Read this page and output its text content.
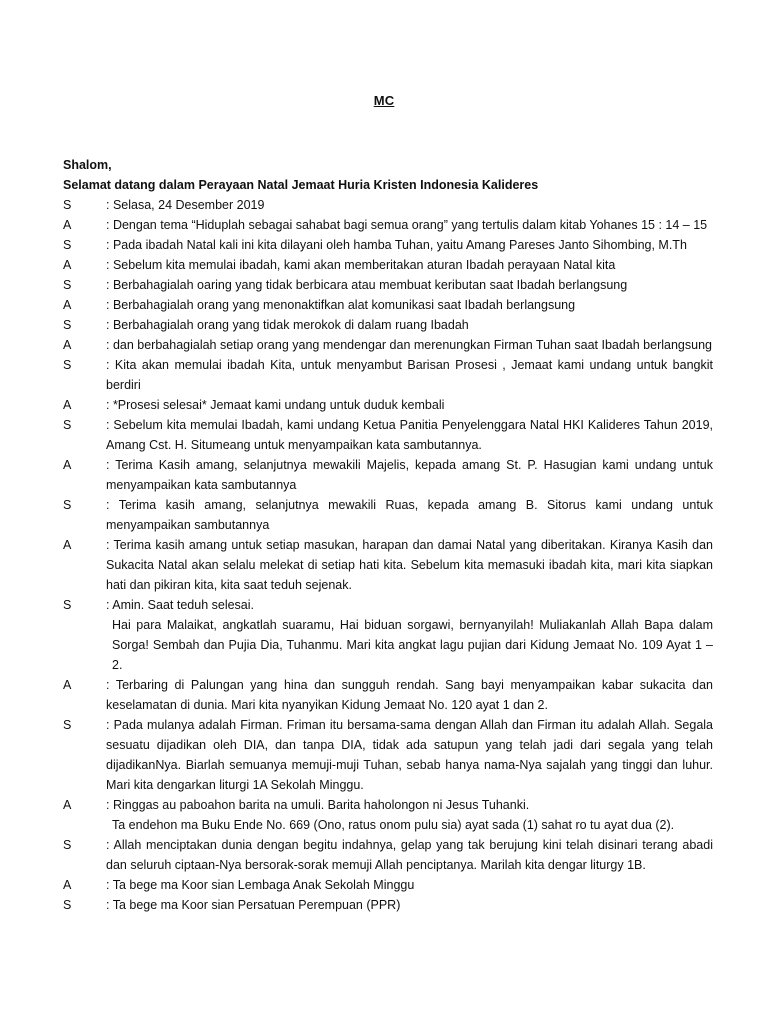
MC
Shalom,
Selamat datang dalam Perayaan Natal Jemaat Huria Kristen Indonesia Kalideres
S	: Selasa, 24 Desember 2019
A	: Dengan tema “Hiduplah sebagai sahabat bagi semua orang” yang tertulis dalam kitab Yohanes 15 : 14 – 15
S	: Pada ibadah Natal kali ini kita dilayani oleh hamba Tuhan, yaitu Amang Pareses Janto Sihombing, M.Th
A	: Sebelum kita memulai ibadah, kami akan memberitakan aturan Ibadah perayaan Natal kita
S	: Berbahagialah oaring yang tidak berbicara atau membuat keributan saat Ibadah berlangsung
A	: Berbahagialah orang yang menonaktifkan alat komunikasi saat Ibadah berlangsung
S	: Berbahagialah orang yang tidak merokok di dalam ruang Ibadah
A	: dan berbahagialah setiap orang yang mendengar dan merenungkan Firman Tuhan saat Ibadah berlangsung
S	: Kita akan memulai ibadah Kita, untuk menyambut Barisan Prosesi , Jemaat kami undang untuk bangkit berdiri
A	: *Prosesi selesai* Jemaat kami undang untuk duduk kembali
S	: Sebelum kita memulai Ibadah, kami undang Ketua Panitia Penyelenggara Natal HKI Kalideres Tahun 2019, Amang Cst. H. Situmeang untuk menyampaikan kata sambutannya.
A	: Terima Kasih amang, selanjutnya mewakili Majelis, kepada amang St. P. Hasugian kami undang untuk menyampaikan kata sambutannya
S	: Terima kasih amang, selanjutnya mewakili Ruas, kepada amang B. Sitorus kami undang untuk menyampaikan sambutannya
A	: Terima kasih amang untuk setiap masukan, harapan dan damai Natal yang diberitakan. Kiranya Kasih dan Sukacita Natal akan selalu melekat di setiap hati kita. Sebelum kita memasuki ibadah kita, mari kita siapkan hati dan pikiran kita, kita saat teduh sejenak.
S	: Amin. Saat teduh selesai.
Hai para Malaikat, angkatlah suaramu, Hai biduan sorgawi, bernyanyilah! Muliakanlah Allah Bapa dalam Sorga! Sembah dan Pujia Dia, Tuhanmu. Mari kita angkat lagu pujian dari Kidung Jemaat No. 109 Ayat 1 – 2.
A	: Terbaring di Palungan yang hina dan sungguh rendah. Sang bayi menyampaikan kabar sukacita dan keselamatan di dunia. Mari kita nyanyikan Kidung Jemaat No. 120 ayat 1 dan 2.
S	: Pada mulanya adalah Firman. Friman itu bersama-sama dengan Allah dan Firman itu adalah Allah. Segala sesuatu dijadikan oleh DIA, dan tanpa DIA, tidak ada satupun yang telah jadi dari segala yang telah dijadikanNya. Biarlah semuanya memuji-muji Tuhan, sebab hanya nama-Nya sajalah yang tinggi dan luhur. Mari kita dengarkan liturgi 1A Sekolah Minggu.
A	: Ringgas au paboahon barita na umuli. Barita haholongon ni Jesus Tuhanki.
Ta endehon ma Buku Ende No. 669 (Ono, ratus onom pulu sia) ayat sada (1) sahat ro tu ayat dua (2).
S	: Allah menciptakan dunia dengan begitu indahnya, gelap yang tak berujung kini telah disinari terang abadi dan seluruh ciptaan-Nya bersorak-sorak memuji Allah penciptanya. Marilah kita dengar liturgy 1B.
A	: Ta bege ma Koor sian Lembaga Anak Sekolah Minggu
S	: Ta bege ma Koor sian Persatuan Perempuan (PPR)
